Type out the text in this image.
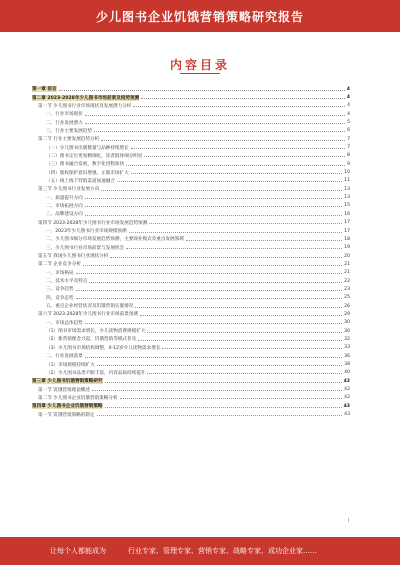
少儿图书企业饥饿营销策略研究报告
内容目录
第一章 前言	4
第二章 2023-2028年少儿图书市场前景及趋势预测	4
第一节 少儿图书行业市场现状及发展潜力分析	4
一、行业市场现状	4
二、行业发展潜力	5
三、行业主要发展趋势	6
第二节 行业主要发展趋势分析	7
（一）少儿图书出版数量与品种持续增长	7
（二）图书定位更加精细化，读者群体细分明显	8
（三）图书融合发展，数字化进程加快	9
（四）版权保护意识增强，正版市场扩大	10
（五）线上线下营销渠道加速融合	11
第三节 少儿图书行业发展方向	13
一、质量提升方向	13
二、市场拓展方向	15
三、品牌建设方向	16
第四节 2023-2028年少儿图书行业市场发展趋势预测	17
一、2023年少儿图书行业市场规模预测	17
二、少儿图书细分市场发展趋势预测，主要商业模式及重点发展领域	18
三、少儿图书行业市场前景与发展机会	19
第五节 我国少儿图书行业现状分析	20
第二节 企业竞争分析	21
一、市场格局	21
二、技术水平及特点	22
三、竞争趋势	23
四、竞争态势	25
五、重点企业经营状况及饥饿营销实施情况	26
第六节 2023-2028年少儿图书行业市场前景预测	29
一、市场总体趋势	30
（1）图书市场需求增长，少儿读物消费规模扩大	30
（2）新营销理念兴起，饥饿营销等模式普及	32
（3）少儿图书市场结构调整，0-12岁少儿读物需求增长	33
二、行业发展前景	36
（1）市场规模持续扩大	38
（2）少儿图书品类不断丰富，内容品质持续提升	40
第三章 少儿图书饥饿营销策略研究	42
第一节 饥饿营销理论概述	42
第二节 少儿图书企业饥饿营销策略分析	42
第四章 少儿图书企业饥饿营销策略	43
第一节 饥饿营销策略的制定	43
I
让每个人都能成为	行业专家、管理专家、营销专家、战略专家、成功企业家……
